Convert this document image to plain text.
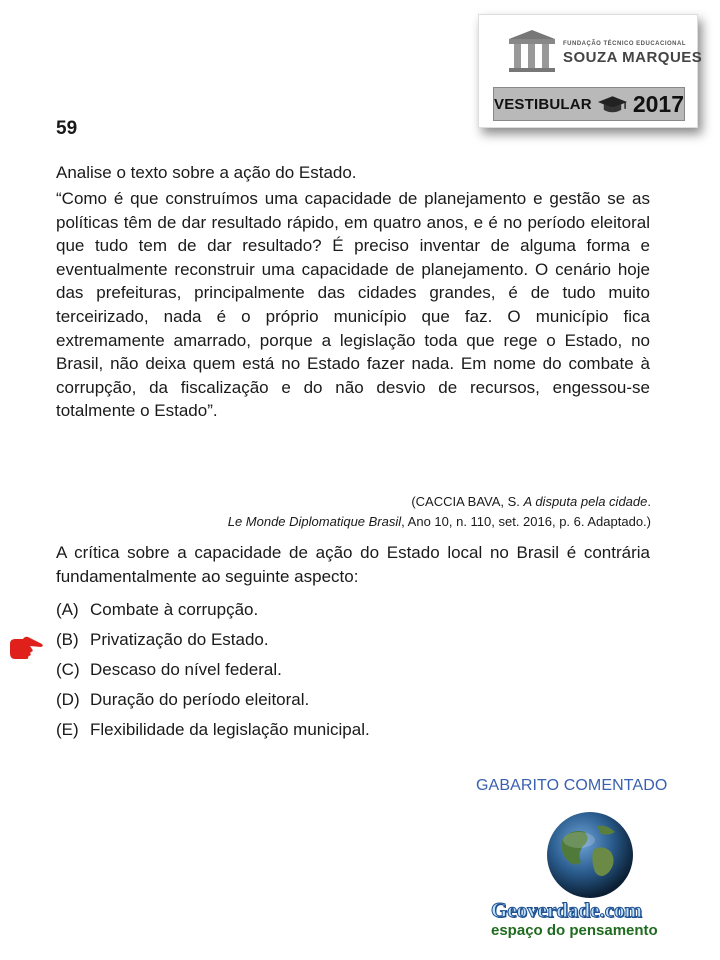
FUNDAÇÃO TÉCNICO EDUCACIONAL
SOUZA MARQUES
VESTIBULAR 2017
59
Analise o texto sobre a ação do Estado.
“Como é que construímos uma capacidade de planejamento e gestão se as políticas têm de dar resultado rápido, em quatro anos, e é no período eleitoral que tudo tem de dar resultado? É preciso inventar de alguma forma e eventualmente reconstruir uma capacidade de planejamento. O cenário hoje das prefeituras, principalmente das cidades grandes, é de tudo muito terceirizado, nada é o próprio município que faz. O município fica extremamente amarrado, porque a legislação toda que rege o Estado, no Brasil, não deixa quem está no Estado fazer nada. Em nome do combate à corrupção, da fiscalização e do não desvio de recursos, engessou-se totalmente o Estado”.
(CACCIA BAVA, S. A disputa pela cidade.
Le Monde Diplomatique Brasil, Ano 10, n. 110, set. 2016, p. 6. Adaptado.)
A crítica sobre a capacidade de ação do Estado local no Brasil é contrária fundamentalmente ao seguinte aspecto:
(A) Combate à corrupção.
(B) Privatização do Estado.
(C) Descaso do nível federal.
(D) Duração do período eleitoral.
(E) Flexibilidade da legislação municipal.
GABARITO COMENTADO
Geoverdade.com
espaço do pensamento
